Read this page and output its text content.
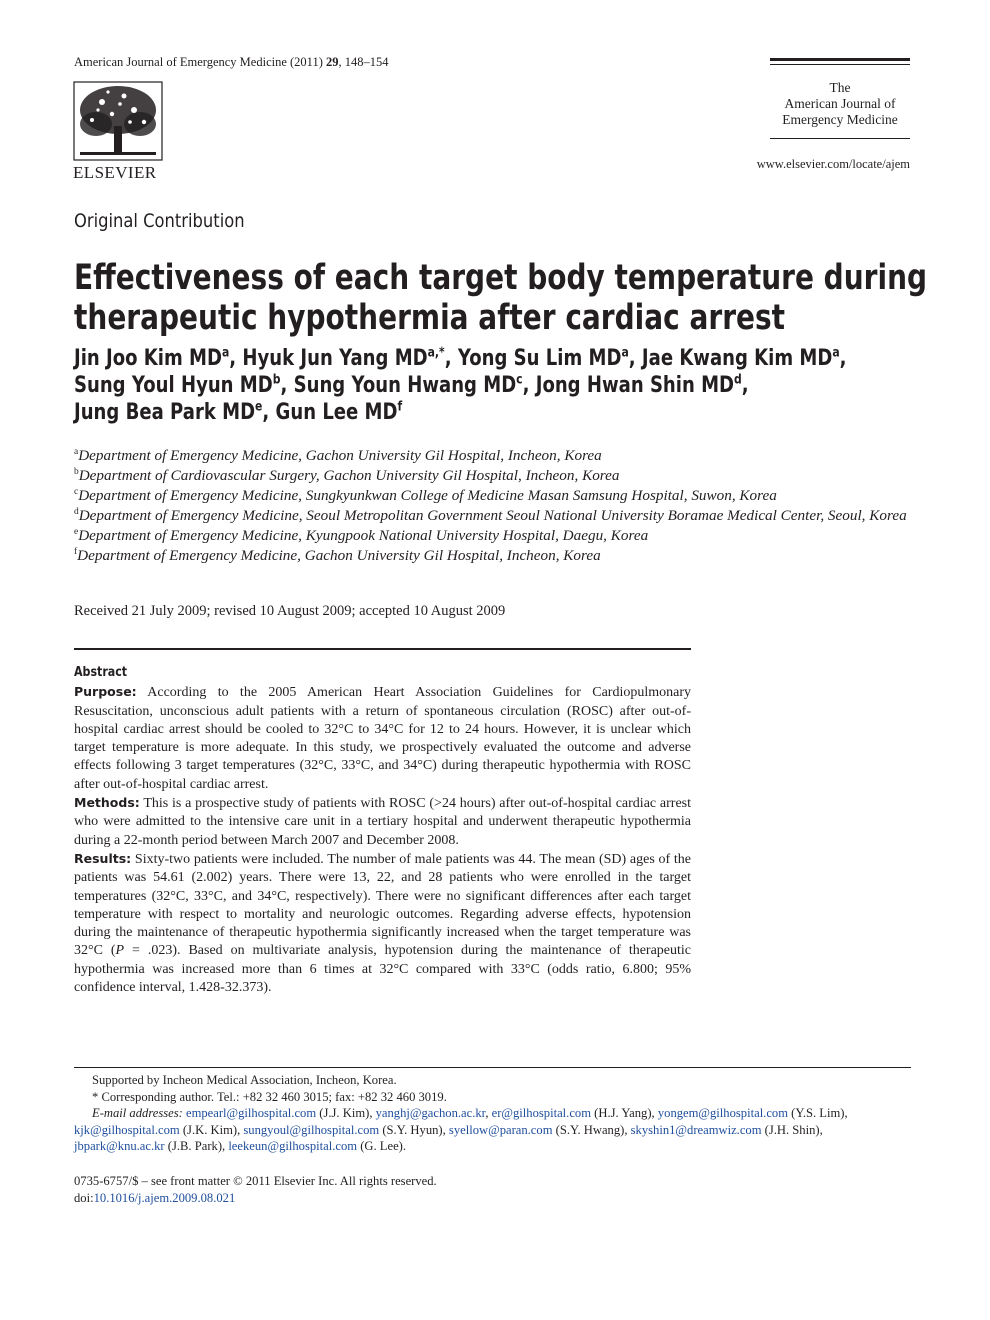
American Journal of Emergency Medicine (2011) 29, 148–154
ELSEVIER
The
American Journal of
Emergency Medicine
www.elsevier.com/locate/ajem
Original Contribution
Effectiveness of each target body temperature during
therapeutic hypothermia after cardiac arrest
Jin Joo Kim $MD^a$, Hyuk Jun Yang $MD^{a,*}$, Yong Su Lim $MD^a$, Jae Kwang Kim $MD^a$,
Sung Youl Hyun $MD^b$, Sung Youn Hwang $MD^c$, Jong Hwan Shin $MD^d$,
Jung Bea Park MDe, Gun Lee $MD^f$
$^a$Department of Emergency Medicine, Gachon University Gil Hospital, Incheon, Korea
$^b$Department of Cardiovascular Surgery, Gachon University Gil Hospital, Incheon, Korea
$^c$Department of Emergency Medicine, Sungkyunkwan College of Medicine Masan Samsung Hospital, Suwon, Korea
$^d$Department of Emergency Medicine, Seoul Metropolitan Government Seoul National University Boramae Medical Center, Seoul, Korea
$^e$Department of Emergency Medicine, Kyungpook National University Hospital, Daegu, Korea
$^f$Department of Emergency Medicine, Gachon University Gil Hospital, Incheon, Korea
Received 21 July 2009; revised 10 August 2009; accepted 10 August 2009

Abstract

Purpose: According to the 2005 American Heart Association Guidelines for Cardiopulmonary Resuscitation, unconscious adult patients with a return of spontaneous circulation (ROSC) after out-of-hospital cardiac arrest should be cooled to 32°C to 34°C for 12 to 24 hours. However, it is unclear which target temperature is more adequate. In this study, we prospectively evaluated the outcome and adverse effects following 3 target temperatures (32°C, 33°C, and 34°C) during therapeutic hypothermia with ROSC after out-of-hospital cardiac arrest.

Methods: This is a prospective study of patients with ROSC (>24 hours) after out-of-hospital cardiac arrest who were admitted to the intensive care unit in a tertiary hospital and underwent therapeutic hypothermia during a 22-month period between March 2007 and December 2008.

Results: Sixty-two patients were included. The number of male patients was 44. The mean (SD) ages of the patients was 54.61 (2.002) years. There were 13, 22, and 28 patients who were enrolled in the target temperatures (32°C, 33°C, and 34°C, respectively). There were no significant differences after each target temperature with respect to mortality and neurologic outcomes. Regarding adverse effects, hypotension during the maintenance of therapeutic hypothermia significantly increased when the target temperature was 32°C (P = .023). Based on multivariate analysis, hypotension during the maintenance of therapeutic hypothermia was increased more than 6 times at 32°C compared with 33°C (odds ratio, 6.800; 95% confidence interval, 1.428-32.373).

Supported by Incheon Medical Association, Incheon, Korea.

* Corresponding author. Tel.: +82 32 460 3015; fax: +82 32 460 3019.

E-mail addresses: empearl@gilhospital.com (J.J. Kim), yanghj@gachon.ac.kr, er@gilhospital.com (H.J. Yang), yongem@gilhospital.com (Y.S. Lim),

kjk@gilhospital.com (J.K. Kim), sungyoul@gilhospital.com (S.Y. Hyun), syellow@paran.com (S.Y. Hwang), skyshin1@dreamwiz.com (J.H. Shin),

jbpark@knu.ac.kr (J.B. Park), leekeun@gilhospital.com (G. Lee).

0735-6757/$ – see front matter © 2011 Elsevier Inc. All rights reserved.
doi:10.1016/j.ajem.2009.08.021
